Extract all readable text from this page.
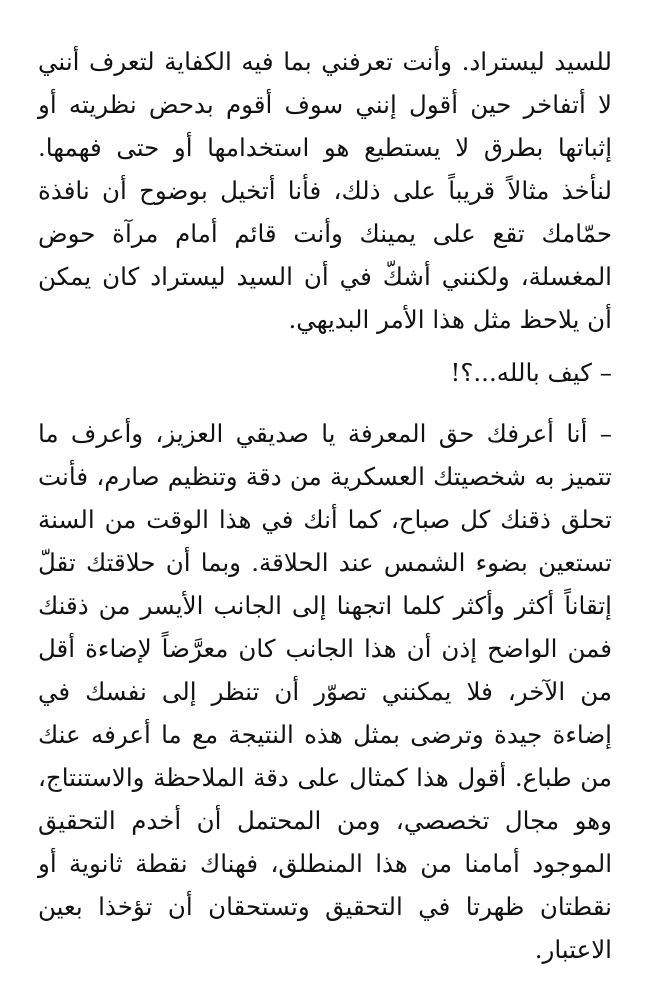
للسيد ليستراد. وأنت تعرفني بما فيه الكفاية لتعرف أنني لا أتفاخر حين أقول إنني سوف أقوم بدحض نظريته أو إثباتها بطرق لا يستطيع هو استخدامها أو حتى فهمها. لنأخذ مثالاً قريباً على ذلك، فأنا أتخيل بوضوح أن نافذة حمّامك تقع على يمينك وأنت قائم أمام مرآة حوض المغسلة، ولكنني أشكّ في أن السيد ليستراد كان يمكن أن يلاحظ مثل هذا الأمر البديهي.

– كيف بالله...؟!

– أنا أعرفك حق المعرفة يا صديقي العزيز، وأعرف ما تتميز به شخصيتك العسكرية من دقة وتنظيم صارم، فأنت تحلق ذقنك كل صباح، كما أنك في هذا الوقت من السنة تستعين بضوء الشمس عند الحلاقة. وبما أن حلاقتك تقلّ إتقاناً أكثر وأكثر كلما اتجهنا إلى الجانب الأيسر من ذقنك فمن الواضح إذن أن هذا الجانب كان معرَّضاً لإضاءة أقل من الآخر، فلا يمكنني تصوّر أن تنظر إلى نفسك في إضاءة جيدة وترضى بمثل هذه النتيجة مع ما أعرفه عنك من طباع. أقول هذا كمثال على دقة الملاحظة والاستنتاج، وهو مجال تخصصي، ومن المحتمل أن أخدم التحقيق الموجود أمامنا من هذا المنطلق، فهناك نقطة ثانوية أو نقطتان ظهرتا في التحقيق وتستحقان أن تؤخذا بعين الاعتبار.
